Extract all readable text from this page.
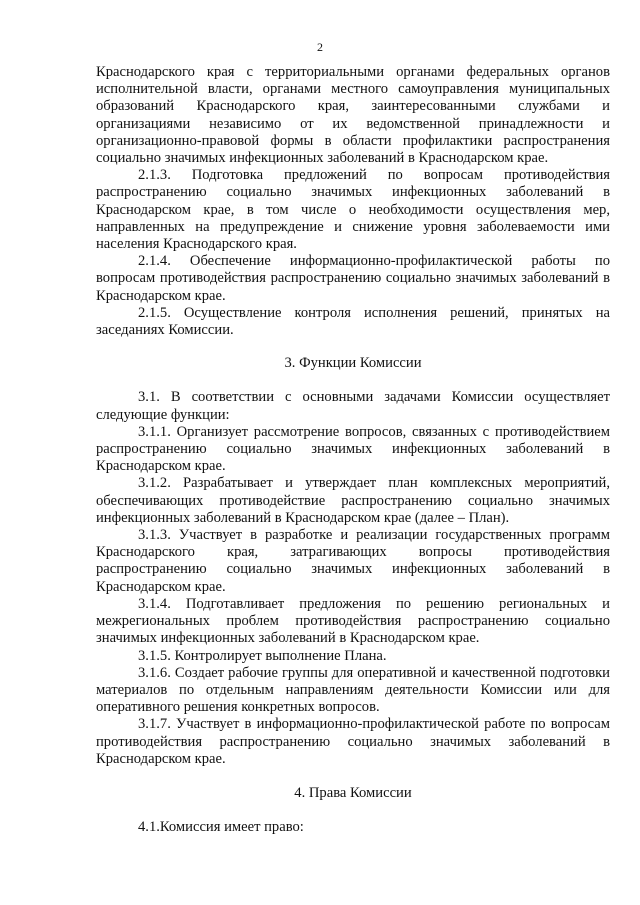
2

Краснодарского края с территориальными органами федеральных органов исполнительной власти, органами местного самоуправления муниципальных образований Краснодарского края, заинтересованными службами и организациями независимо от их ведомственной принадлежности и организационно-правовой формы в области профилактики распространения социально значимых инфекционных заболеваний в Краснодарском крае.

2.1.3. Подготовка предложений по вопросам противодействия распространению социально значимых инфекционных заболеваний в Краснодарском крае, в том числе о необходимости осуществления мер, направленных на предупреждение и снижение уровня заболеваемости ими населения Краснодарского края.

2.1.4. Обеспечение информационно-профилактической работы по вопросам противодействия распространению социально значимых заболеваний в Краснодарском крае.

2.1.5. Осуществление контроля исполнения решений, принятых на заседаниях Комиссии.

3. Функции Комиссии

3.1. В соответствии с основными задачами Комиссии осуществляет следующие функции:

3.1.1. Организует рассмотрение вопросов, связанных с противодействием распространению социально значимых инфекционных заболеваний в Краснодарском крае.

3.1.2. Разрабатывает и утверждает план комплексных мероприятий, обеспечивающих противодействие распространению социально значимых инфекционных заболеваний в Краснодарском крае (далее – План).

3.1.3. Участвует в разработке и реализации государственных программ Краснодарского края, затрагивающих вопросы противодействия распространению социально значимых инфекционных заболеваний в Краснодарском крае.

3.1.4. Подготавливает предложения по решению региональных и межрегиональных проблем противодействия распространению социально значимых инфекционных заболеваний в Краснодарском крае.

3.1.5. Контролирует выполнение Плана.

3.1.6. Создает рабочие группы для оперативной и качественной подготовки материалов по отдельным направлениям деятельности Комиссии или для оперативного решения конкретных вопросов.

3.1.7. Участвует в информационно-профилактической работе по вопросам противодействия распространению социально значимых заболеваний в Краснодарском крае.

4. Права Комиссии

4.1.Комиссия имеет право:
